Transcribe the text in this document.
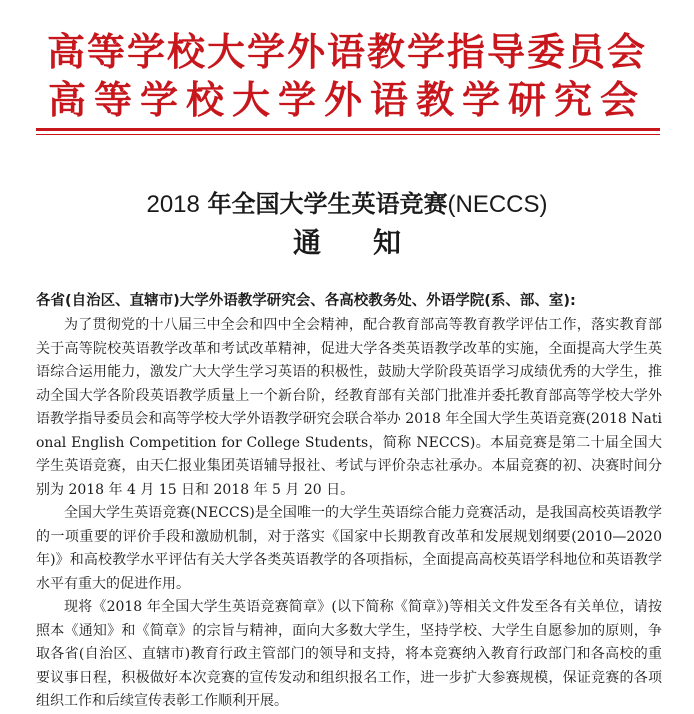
高等学校大学外语教学指导委员会
高等学校大学外语教学研究会
2018 年全国大学生英语竞赛(NECCS)
通知
各省(自治区、直辖市)大学外语教学研究会、各高校教务处、外语学院(系、部、室):

为了贯彻党的十八届三中全会和四中全会精神，配合教育部高等教育教学评估工作，落实教育部关于高等院校英语教学改革和考试改革精神，促进大学各类英语教学改革的实施，全面提高大学生英语综合运用能力，激发广大大学生学习英语的积极性，鼓励大学阶段英语学习成绩优秀的大学生，推动全国大学各阶段英语教学质量上一个新台阶，经教育部有关部门批准并委托教育部高等学校大学外语教学指导委员会和高等学校大学外语教学研究会联合举办 2018 年全国大学生英语竞赛(2018 National English Competition for College Students，简称 NECCS)。本届竞赛是第二十届全国大学生英语竞赛，由天仁报业集团英语辅导报社、考试与评价杂志社承办。本届竞赛的初、决赛时间分别为 2018 年 4 月 15 日和 2018 年 5 月 20 日。

全国大学生英语竞赛(NECCS)是全国唯一的大学生英语综合能力竞赛活动，是我国高校英语教学的一项重要的评价手段和激励机制，对于落实《国家中长期教育改革和发展规划纲要(2010—2020 年)》和高校教学水平评估有关大学各类英语教学的各项指标，全面提高高校英语学科地位和英语教学水平有重大的促进作用。

现将《2018 年全国大学生英语竞赛简章》(以下简称《简章》)等相关文件发至各有关单位，请按照本《通知》和《简章》的宗旨与精神，面向大多数大学生，坚持学校、大学生自愿参加的原则，争取各省(自治区、直辖市)教育行政主管部门的领导和支持，将本竞赛纳入教育行政部门和各高校的重要议事日程，积极做好本次竞赛的宣传发动和组织报名工作，进一步扩大参赛规模，保证竞赛的各项组织工作和后续宣传表彰工作顺利开展。
